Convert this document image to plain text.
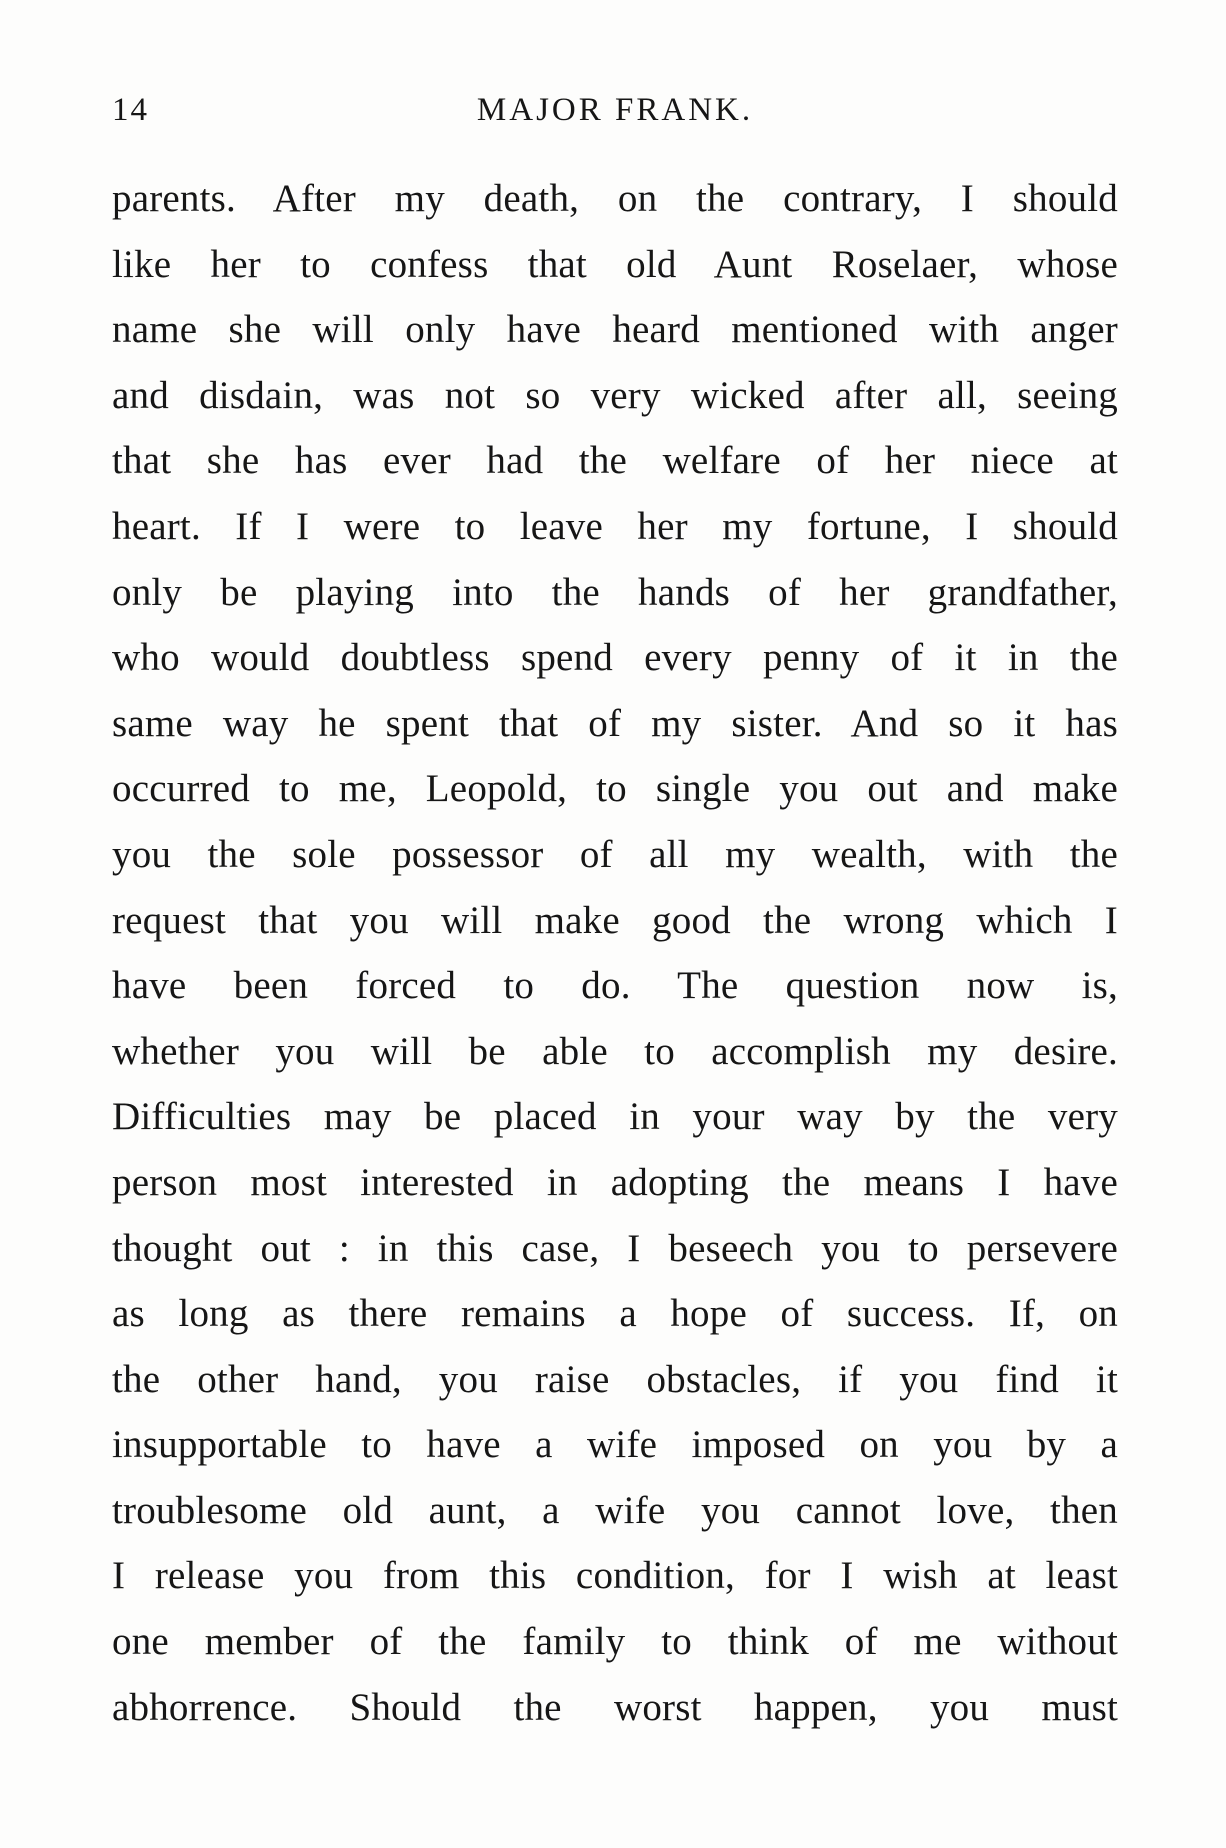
14	MAJOR FRANK.
parents. After my death, on the contrary, I should
like her to confess that old Aunt Roselaer, whose
name she will only have heard mentioned with anger
and disdain, was not so very wicked after all, seeing
that she has ever had the welfare of her niece at
heart. If I were to leave her my fortune, I should
only be playing into the hands of her grandfather,
who would doubtless spend every penny of it in the
same way he spent that of my sister. And so it has
occurred to me, Leopold, to single you out and make
you the sole possessor of all my wealth, with the
request that you will make good the wrong which I
have been forced to do. The question now is,
whether you will be able to accomplish my desire.
Difficulties may be placed in your way by the very
person most interested in adopting the means I have
thought out : in this case, I beseech you to persevere
as long as there remains a hope of success. If, on
the other hand, you raise obstacles, if you find it
insupportable to have a wife imposed on you by a
troublesome old aunt, a wife you cannot love, then
I release you from this condition, for I wish at least
one member of the family to think of me without
abhorrence. Should the worst happen, you must
